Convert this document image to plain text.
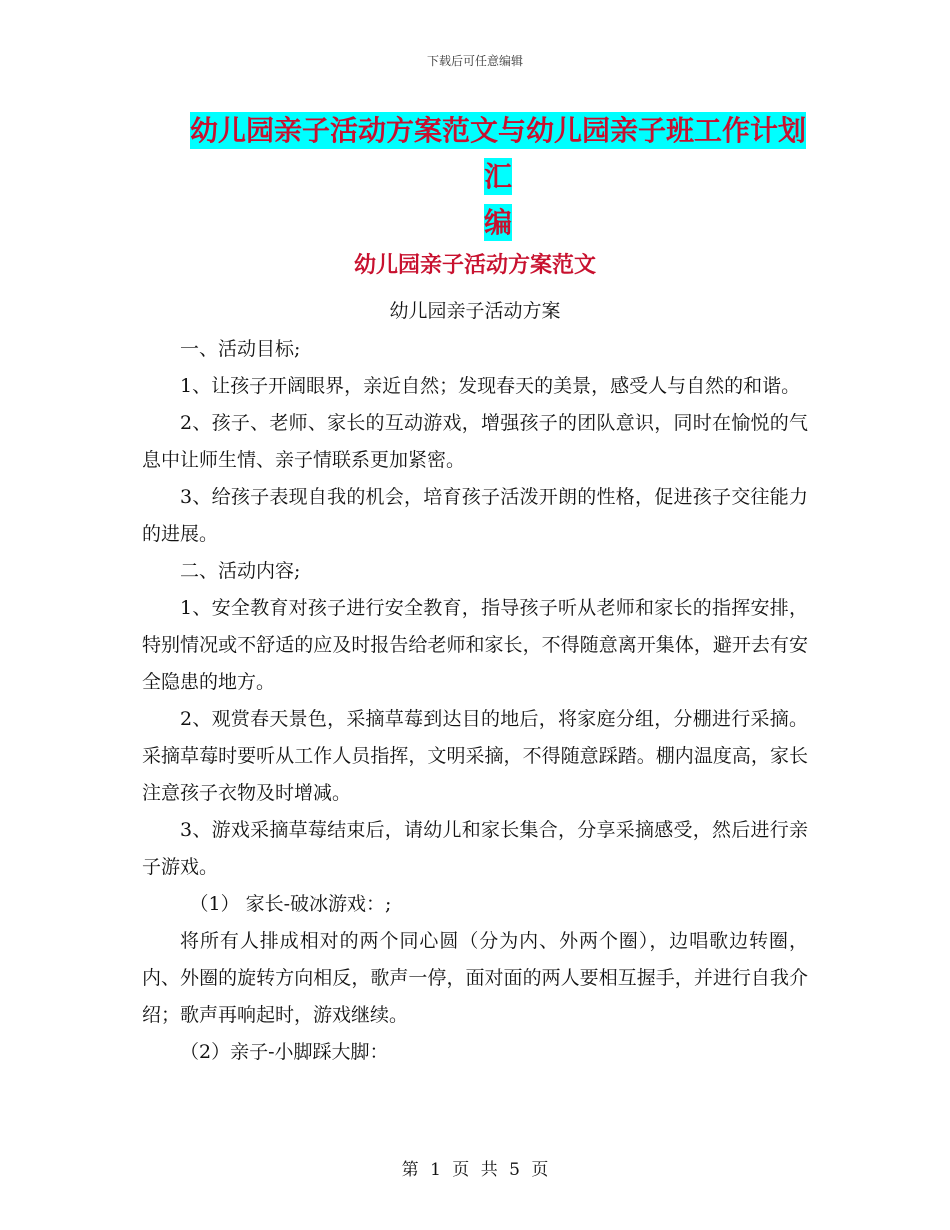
下载后可任意编辑
幼儿园亲子活动方案范文与幼儿园亲子班工作计划汇
编
幼儿园亲子活动方案范文
幼儿园亲子活动方案

一、活动目标;

1、让孩子开阔眼界，亲近自然；发现春天的美景，感受人与自然的和谐。

2、孩子、老师、家长的互动游戏，增强孩子的团队意识，同时在愉悦的气息中让师生情、亲子情联系更加紧密。

3、给孩子表现自我的机会，培育孩子活泼开朗的性格，促进孩子交往能力的进展。

二、活动内容;

1、安全教育对孩子进行安全教育，指导孩子听从老师和家长的指挥安排，特别情况或不舒适的应及时报告给老师和家长，不得随意离开集体，避开去有安全隐患的地方。

2、观赏春天景色，采摘草莓到达目的地后，将家庭分组，分棚进行采摘。采摘草莓时要听从工作人员指挥，文明采摘，不得随意踩踏。棚内温度高，家长注意孩子衣物及时增减。

3、游戏采摘草莓结束后，请幼儿和家长集合，分享采摘感受，然后进行亲子游戏。

（1） 家长-破冰游戏：;

将所有人排成相对的两个同心圆（分为内、外两个圈），边唱歌边转圈，内、外圈的旋转方向相反，歌声一停，面对面的两人要相互握手，并进行自我介绍；歌声再响起时，游戏继续。

（2）亲子-小脚踩大脚：

第 1 页 共 5 页
